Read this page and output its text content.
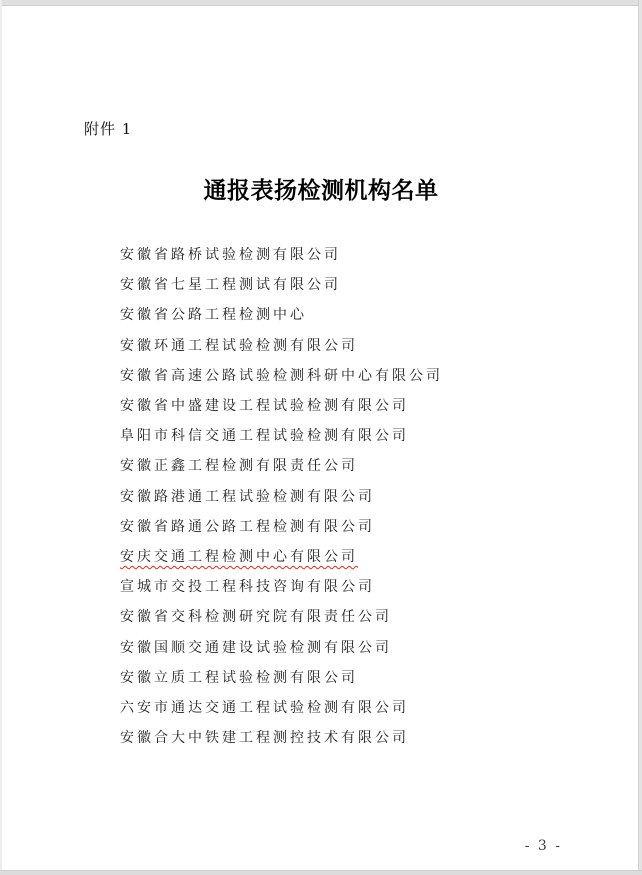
附件 1
通报表扬检测机构名单
安徽省路桥试验检测有限公司
安徽省七星工程测试有限公司
安徽省公路工程检测中心
安徽环通工程试验检测有限公司
安徽省高速公路试验检测科研中心有限公司
安徽省中盛建设工程试验检测有限公司
阜阳市科信交通工程试验检测有限公司
安徽正鑫工程检测有限责任公司
安徽路港通工程试验检测有限公司
安徽省路通公路工程检测有限公司
安庆交通工程检测中心有限公司
宣城市交投工程科技咨询有限公司
安徽省交科检测研究院有限责任公司
安徽国顺交通建设试验检测有限公司
安徽立质工程试验检测有限公司
六安市通达交通工程试验检测有限公司
安徽合大中铁建工程测控技术有限公司
- 3 -
